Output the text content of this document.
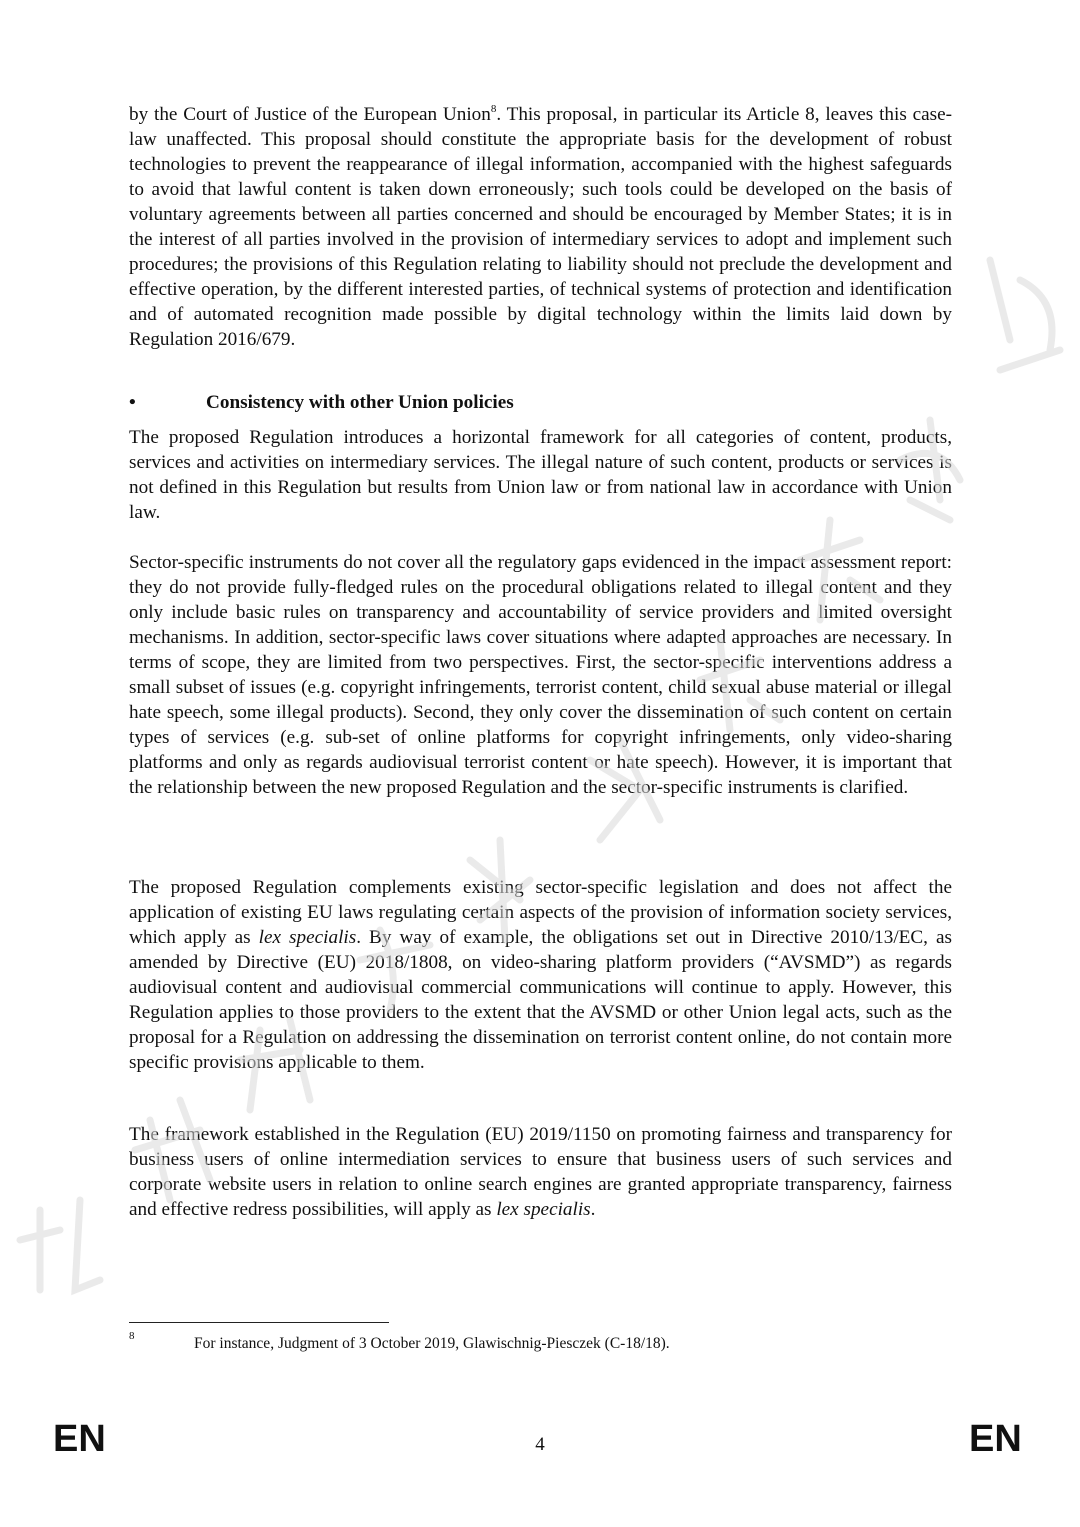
by the Court of Justice of the European Union$^8$. This proposal, in particular its Article 8, leaves this case-law unaffected. This proposal should constitute the appropriate basis for the development of robust technologies to prevent the reappearance of illegal information, accompanied with the highest safeguards to avoid that lawful content is taken down erroneously; such tools could be developed on the basis of voluntary agreements between all parties concerned and should be encouraged by Member States; it is in the interest of all parties involved in the provision of intermediary services to adopt and implement such procedures; the provisions of this Regulation relating to liability should not preclude the development and effective operation, by the different interested parties, of technical systems of protection and identification and of automated recognition made possible by digital technology within the limits laid down by Regulation 2016/679.

•	Consistency with other Union policies

The proposed Regulation introduces a horizontal framework for all categories of content, products, services and activities on intermediary services. The illegal nature of such content, products or services is not defined in this Regulation but results from Union law or from national law in accordance with Union law.

Sector-specific instruments do not cover all the regulatory gaps evidenced in the impact assessment report: they do not provide fully-fledged rules on the procedural obligations related to illegal content and they only include basic rules on transparency and accountability of service providers and limited oversight mechanisms. In addition, sector-specific laws cover situations where adapted approaches are necessary. In terms of scope, they are limited from two perspectives. First, the sector-specific interventions address a small subset of issues (e.g. copyright infringements, terrorist content, child sexual abuse material or illegal hate speech, some illegal products). Second, they only cover the dissemination of such content on certain types of services (e.g. sub-set of online platforms for copyright infringements, only video-sharing platforms and only as regards audiovisual terrorist content or hate speech). However, it is important that the relationship between the new proposed Regulation and the sector-specific instruments is clarified.

The proposed Regulation complements existing sector-specific legislation and does not affect the application of existing EU laws regulating certain aspects of the provision of information society services, which apply as lex specialis. By way of example, the obligations set out in Directive 2010/13/EC, as amended by Directive (EU) 2018/1808, on video-sharing platform providers (“AVSMD”) as regards audiovisual content and audiovisual commercial communications will continue to apply. However, this Regulation applies to those providers to the extent that the AVSMD or other Union legal acts, such as the proposal for a Regulation on addressing the dissemination on terrorist content online, do not contain more specific provisions applicable to them.

The framework established in the Regulation (EU) 2019/1150 on promoting fairness and transparency for business users of online intermediation services to ensure that business users of such services and corporate website users in relation to online search engines are granted appropriate transparency, fairness and effective redress possibilities, will apply as lex specialis.

8	For instance, Judgment of 3 October 2019, Glawischnig-Piesczek (C-18/18).
EN	4	EN
